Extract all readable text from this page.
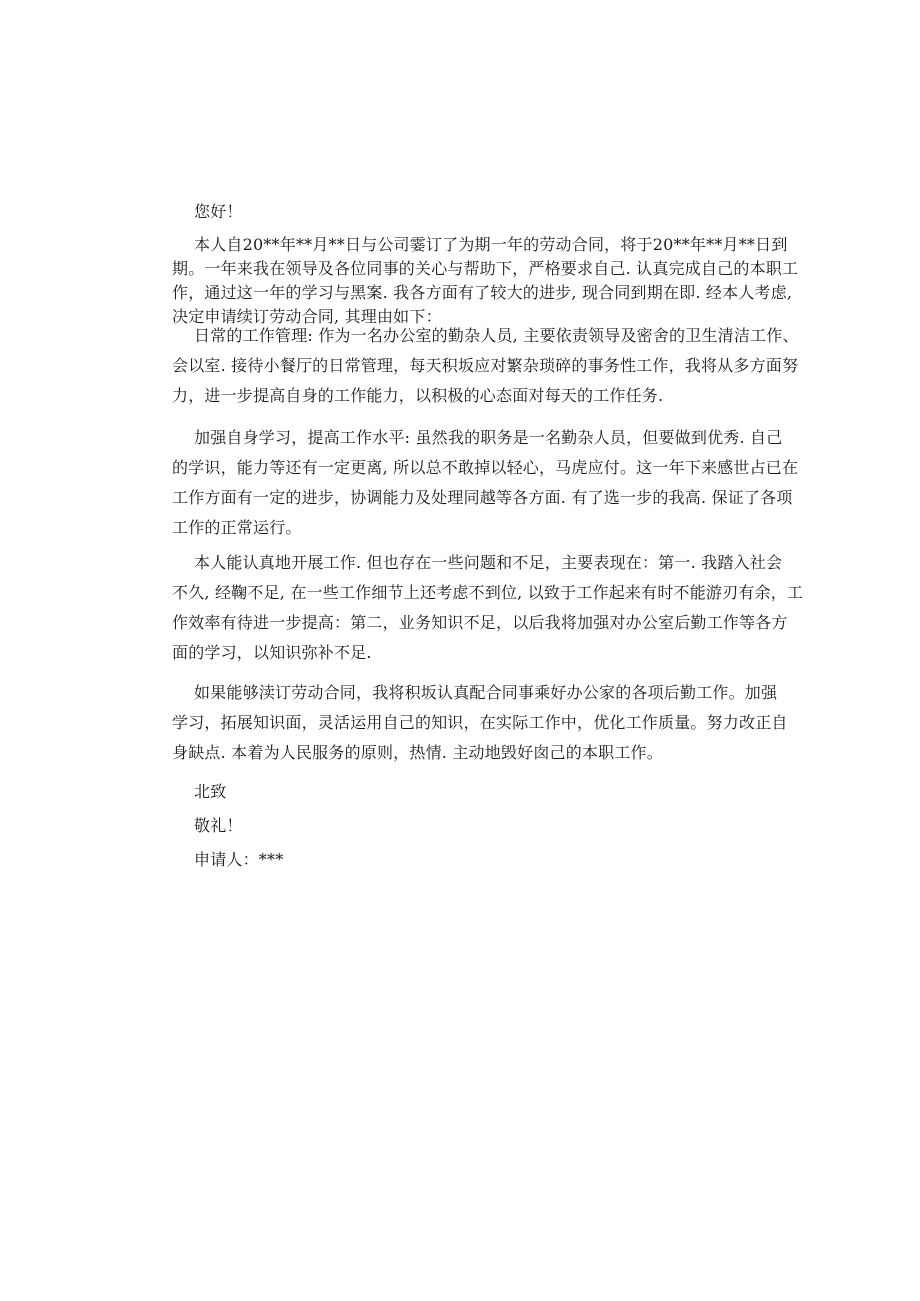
您好！
本人自20**年**月**日与公司霎订了为期一年的劳动合同，将于20**年**月**日到
期。一年来我在领导及各位同事的关心与帮助下，严格要求自己. 认真完成自己的本职工
作，通过这一年的学习与黑案. 我各方面有了较大的进步, 现合同到期在即. 经本人考虑,
决定申请续订劳动合同, 其理由如下：
日常的工作管理: 作为一名办公室的勤杂人员, 主要依责领导及密舍的卫生清洁工作、
会以室. 接待小餐厅的日常管理，每天积坂应对繁杂琐碎的事务性工作，我将从多方面努
力，进一步提高自身的工作能力，以积极的心态面对每天的工作任务.
加强自身学习，提高工作水平: 虽然我的职务是一名勤杂人员，但要做到优秀. 自己
的学识，能力等还有一定更离, 所以总不敢掉以轻心，马虎应付。这一年下来感世占已在
工作方面有一定的进步，协调能力及处理同越等各方面. 有了选一步的我高. 保证了各项
工作的正常运行。
本人能认真地开展工作. 但也存在一些问题和不足，主要表现在：第一. 我踏入社会
不久, 经鞠不足, 在一些工作细节上还考虑不到位, 以致于工作起来有时不能游刃有余，工
作效率有待进一步提高：第二，业务知识不足，以后我将加强对办公室后勤工作等各方
面的学习，以知识弥补不足.
如果能够渎订劳动合同，我将积坂认真配合同事乘好办公家的各项后勤工作。加强
学习，拓展知识面，灵活运用自己的知识，在实际工作中，优化工作质量。努力改正自
身缺点. 本着为人民服务的原则，热情. 主动地毁好囱己的本职工作。
北致
敬礼！
申请人：***
